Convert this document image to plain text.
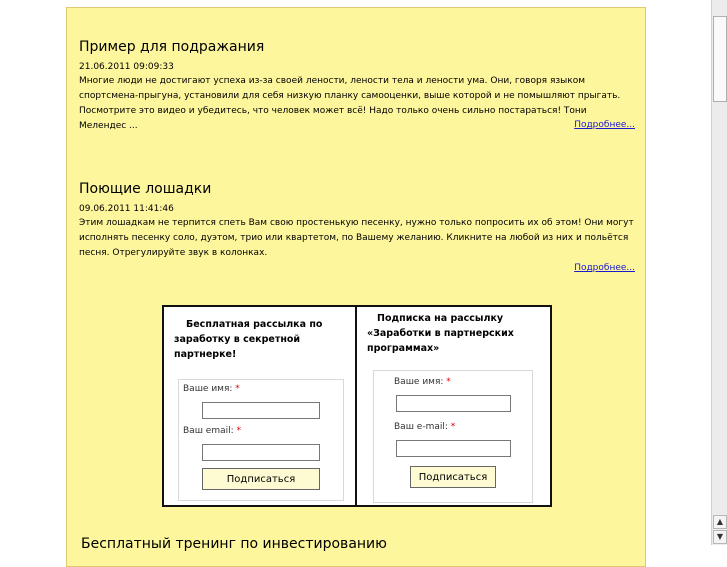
Пример для подражания
21.06.2011 09:09:33
Многие люди не достигают успеха из-за своей лености, лености тела и лености ума. Они, говоря языком спортсмена-прыгуна, установили для себя низкую планку самооценки, выше которой и не помышляют прыгать. Посмотрите это видео и убедитесь, что человек может всё! Надо только очень сильно постараться! Тони Мелендес ...	Подробнее...
Поющие лошадки
09.06.2011 11:41:46
Этим лошадкам не терпится спеть Вам свою простенькую песенку, нужно только попросить их об этом! Они могут исполнять песенку соло, дуэтом, трио или квартетом, по Вашему желанию. Кликните на любой из них и польётся песня. Отрегулируйте звук в колонках.
Подробнее...
Бесплатная рассылка по заработку в секретной партнерке!
Ваше имя: *
Ваш email: *
Подписаться
Подписка на рассылку «Заработки в партнерских программах»
Ваше имя: *
Ваш e-mail: *
Подписаться
Бесплатный тренинг по инвестированию
▲
▼
